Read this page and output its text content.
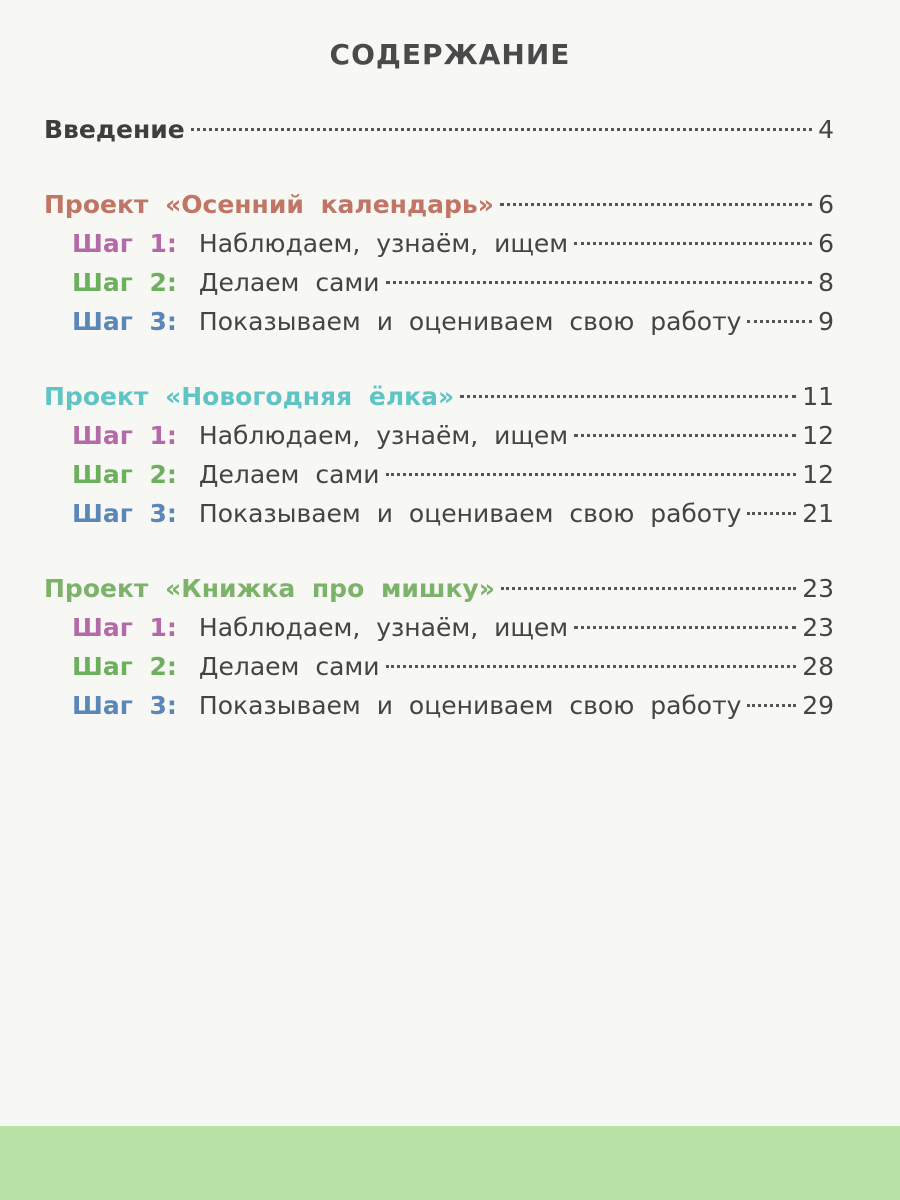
СОДЕРЖАНИЕ
Введение	4
Проект «Осенний календарь»	6
Шаг 1: Наблюдаем, узнаём, ищем	6
Шаг 2: Делаем сами	8
Шаг 3: Показываем и оцениваем свою работу	9
Проект «Новогодняя ёлка»	11
Шаг 1: Наблюдаем, узнаём, ищем	12
Шаг 2: Делаем сами	12
Шаг 3: Показываем и оцениваем свою работу 21
Проект «Книжка про мишку»	23
Шаг 1: Наблюдаем, узнаём, ищем	23
Шаг 2: Делаем сами	28
Шаг 3: Показываем и оцениваем свою работу 29
